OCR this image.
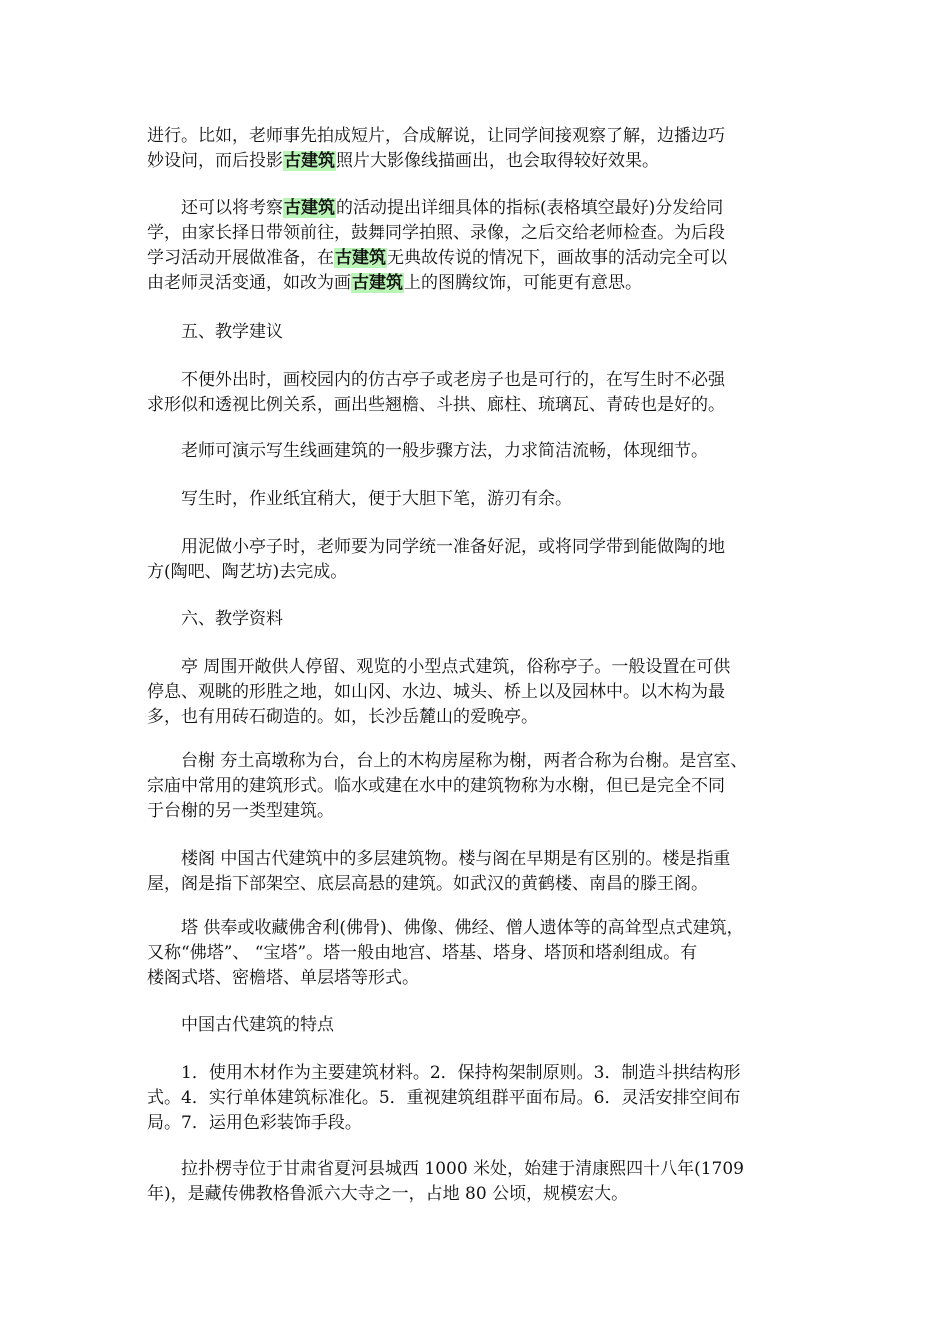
进行。比如，老师事先拍成短片，合成解说，让同学间接观察了解，边播边巧
妙设问，而后投影古建筑照片大影像线描画出，也会取得较好效果。

还可以将考察古建筑的活动提出详细具体的指标(表格填空最好)分发给同
学，由家长择日带领前往，鼓舞同学拍照、录像，之后交给老师检查。为后段
学习活动开展做准备，在古建筑无典故传说的情况下，画故事的活动完全可以
由老师灵活变通，如改为画古建筑上的图腾纹饰，可能更有意思。

五、教学建议

不便外出时，画校园内的仿古亭子或老房子也是可行的，在写生时不必强
求形似和透视比例关系，画出些翘檐、斗拱、廊柱、琉璃瓦、青砖也是好的。

老师可演示写生线画建筑的一般步骤方法，力求简洁流畅，体现细节。

写生时，作业纸宜稍大，便于大胆下笔，游刃有余。

用泥做小亭子时，老师要为同学统一准备好泥，或将同学带到能做陶的地
方(陶吧、陶艺坊)去完成。

六、教学资料

亭 周围开敞供人停留、观览的小型点式建筑，俗称亭子。一般设置在可供
停息、观眺的形胜之地，如山冈、水边、城头、桥上以及园林中。以木构为最
多，也有用砖石砌造的。如，长沙岳麓山的爱晚亭。

台榭 夯土高墩称为台，台上的木构房屋称为榭，两者合称为台榭。是宫室、
宗庙中常用的建筑形式。临水或建在水中的建筑物称为水榭，但已是完全不同
于台榭的另一类型建筑。

楼阁 中国古代建筑中的多层建筑物。楼与阁在早期是有区别的。楼是指重
屋，阁是指下部架空、底层高悬的建筑。如武汉的黄鹤楼、南昌的滕王阁。

塔 供奉或收藏佛舍利(佛骨)、佛像、佛经、僧人遗体等的高耸型点式建筑，
又称“佛塔”、 “宝塔”。塔一般由地宫、塔基、塔身、塔顶和塔刹组成。有
楼阁式塔、密檐塔、单层塔等形式。

中国古代建筑的特点

1．使用木材作为主要建筑材料。2．保持构架制原则。3．制造斗拱结构形
式。4．实行单体建筑标准化。5．重视建筑组群平面布局。6．灵活安排空间布
局。7．运用色彩装饰手段。

拉扑楞寺位于甘肃省夏河县城西 1000 米处，始建于清康熙四十八年(1709
年)，是藏传佛教格鲁派六大寺之一，占地 80 公顷，规模宏大。
